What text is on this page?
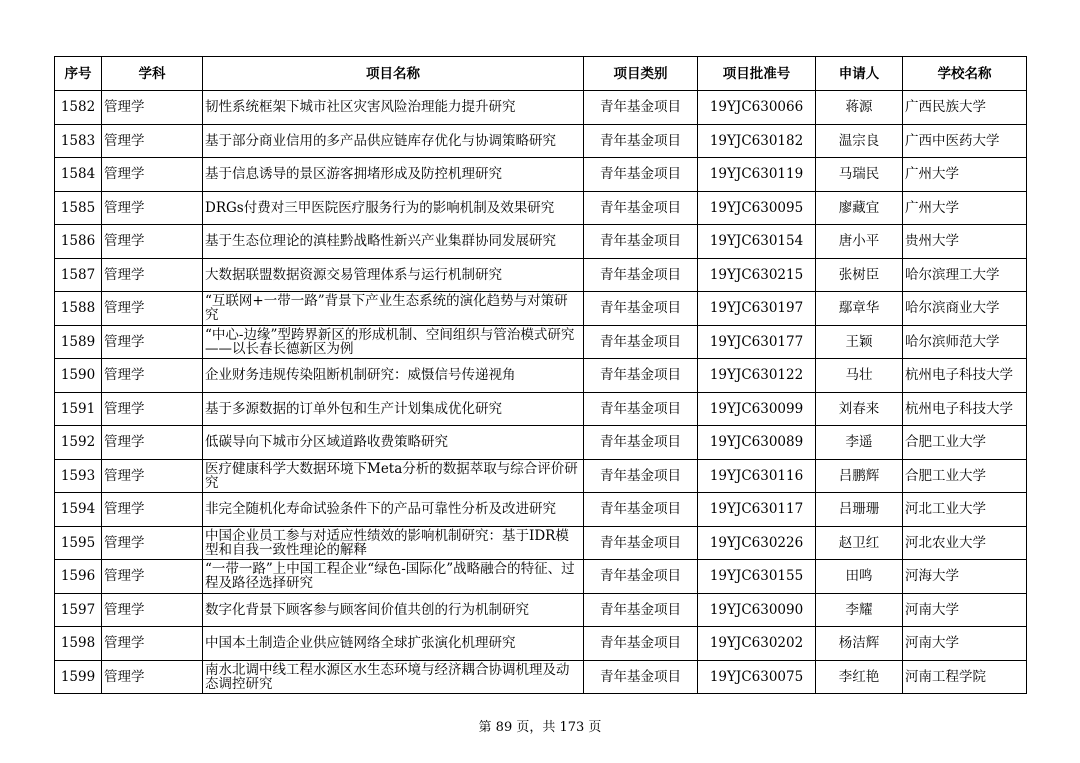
序号	学科	项目名称	项目类别	项目批准号	申请人	学校名称
1582	管理学	韧性系统框架下城市社区灾害风险治理能力提升研究	青年基金项目	19YJC630066	蒋源	广西民族大学
1583	管理学	基于部分商业信用的多产品供应链库存优化与协调策略研究	青年基金项目	19YJC630182	温宗良	广西中医药大学
1584	管理学	基于信息诱导的景区游客拥堵形成及防控机理研究	青年基金项目	19YJC630119	马瑞民	广州大学
1585	管理学	DRGs付费对三甲医院医疗服务行为的影响机制及效果研究	青年基金项目	19YJC630095	廖藏宜	广州大学
1586	管理学	基于生态位理论的滇桂黔战略性新兴产业集群协同发展研究	青年基金项目	19YJC630154	唐小平	贵州大学
1587	管理学	大数据联盟数据资源交易管理体系与运行机制研究	青年基金项目	19YJC630215	张树臣	哈尔滨理工大学
1588	管理学	“互联网+一带一路”背景下产业生态系统的演化趋势与对策研究	青年基金项目	19YJC630197	鄢章华	哈尔滨商业大学
1589	管理学	“中心-边缘”型跨界新区的形成机制、空间组织与管治模式研究——以长春长德新区为例	青年基金项目	19YJC630177	王颖	哈尔滨师范大学
1590	管理学	企业财务违规传染阻断机制研究：威慑信号传递视角	青年基金项目	19YJC630122	马壮	杭州电子科技大学
1591	管理学	基于多源数据的订单外包和生产计划集成优化研究	青年基金项目	19YJC630099	刘春来	杭州电子科技大学
1592	管理学	低碳导向下城市分区域道路收费策略研究	青年基金项目	19YJC630089	李遥	合肥工业大学
1593	管理学	医疗健康科学大数据环境下Meta分析的数据萃取与综合评价研究	青年基金项目	19YJC630116	吕鹏辉	合肥工业大学
1594	管理学	非完全随机化寿命试验条件下的产品可靠性分析及改进研究	青年基金项目	19YJC630117	吕珊珊	河北工业大学
1595	管理学	中国企业员工参与对适应性绩效的影响机制研究：基于IDR模型和自我一致性理论的解释	青年基金项目	19YJC630226	赵卫红	河北农业大学
1596	管理学	“一带一路”上中国工程企业“绿色-国际化”战略融合的特征、过程及路径选择研究	青年基金项目	19YJC630155	田鸣	河海大学
1597	管理学	数字化背景下顾客参与顾客间价值共创的行为机制研究	青年基金项目	19YJC630090	李耀	河南大学
1598	管理学	中国本土制造企业供应链网络全球扩张演化机理研究	青年基金项目	19YJC630202	杨洁辉	河南大学
1599	管理学	南水北调中线工程水源区水生态环境与经济耦合协调机理及动态调控研究	青年基金项目	19YJC630075	李红艳	河南工程学院
第 89 页，共 173 页
